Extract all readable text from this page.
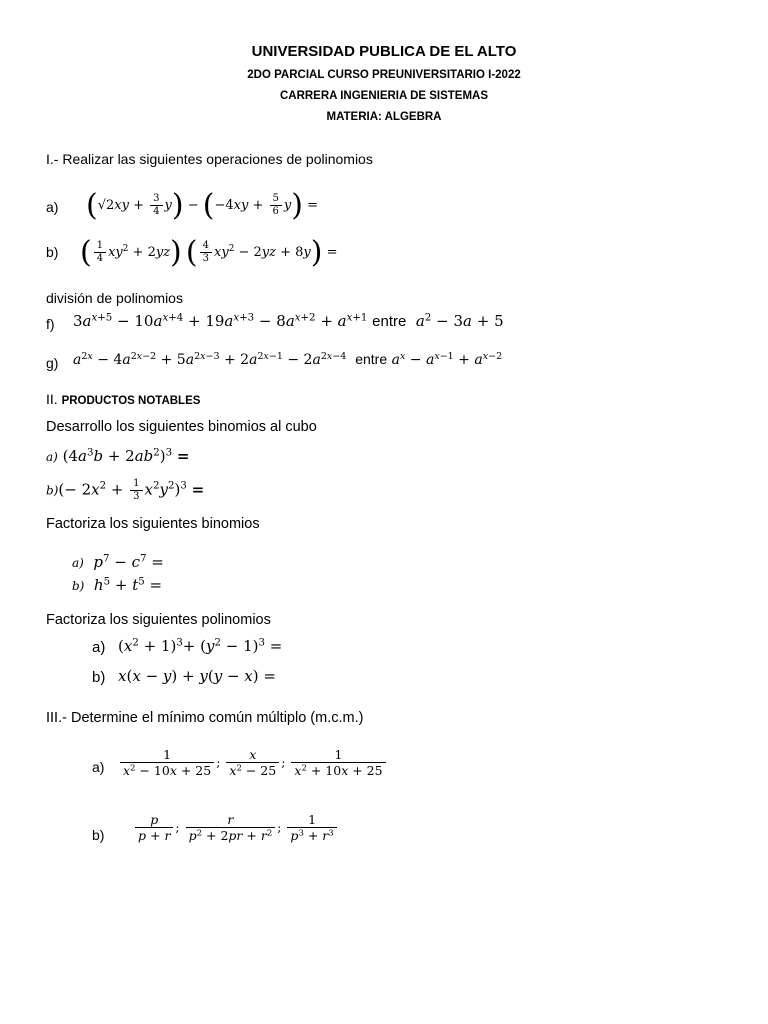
UNIVERSIDAD PUBLICA DE EL ALTO
2DO PARCIAL CURSO PREUNIVERSITARIO I-2022
CARRERA INGENIERIA DE SISTEMAS
MATERIA: ALGEBRA
I.- Realizar las siguientes operaciones de polinomios
a) $(√2xy + \frac{3}{4} y) - (-4xy + \frac{5}{6} y)$ =
b) ( $\frac{1}{4} xy^2 + 2yz$) ( $\frac{4}{3} xy^2 - 2yz + 8y$) =
división de polinomios
f) $3a^{x+5} - 10a^{x+4} + 19a^{x+3} - 8a^{x+2} + a^{x+1}$ entre $a^2 - 3a + 5$
g) $a^{2x} - 4a^{2x-2} + 5a^{2x-3} + 2a^{2x-1} - 2a^{2x-4}$ entre $a^x - a^{x-1} + a^{x-2}$
II. PRODUCTOS NOTABLES
Desarrollo los siguientes binomios al cubo
a) $(4a^3b + 2ab^2)^3$ =
$b)(- 2x^2 + \frac{1}{3} x^2y^2)^3$ =
Factoriza los siguientes binomios
a) $p^7 - c^7$ =
b) $h^5 + t^5$ =
Factoriza los siguientes polinomios
a) $(x^2 + 1)^3+ (y^2 - 1)^3$ =
b) x(x − y) + y(y − x) =
III.- Determine el mínimo común múltiplo (m.c.m.)
$a) \frac{1}{x^2 - 10x + 25}$ ; $\frac{x}{x^2 - 25}$ ; $\frac{1}{x^2 + 10x + 25}$
$b) \frac{p}{p + r}$ ; $\frac{r}{p^2 + 2pr + r^2}$ ; $\frac{1}{p^3 + r^3}$
